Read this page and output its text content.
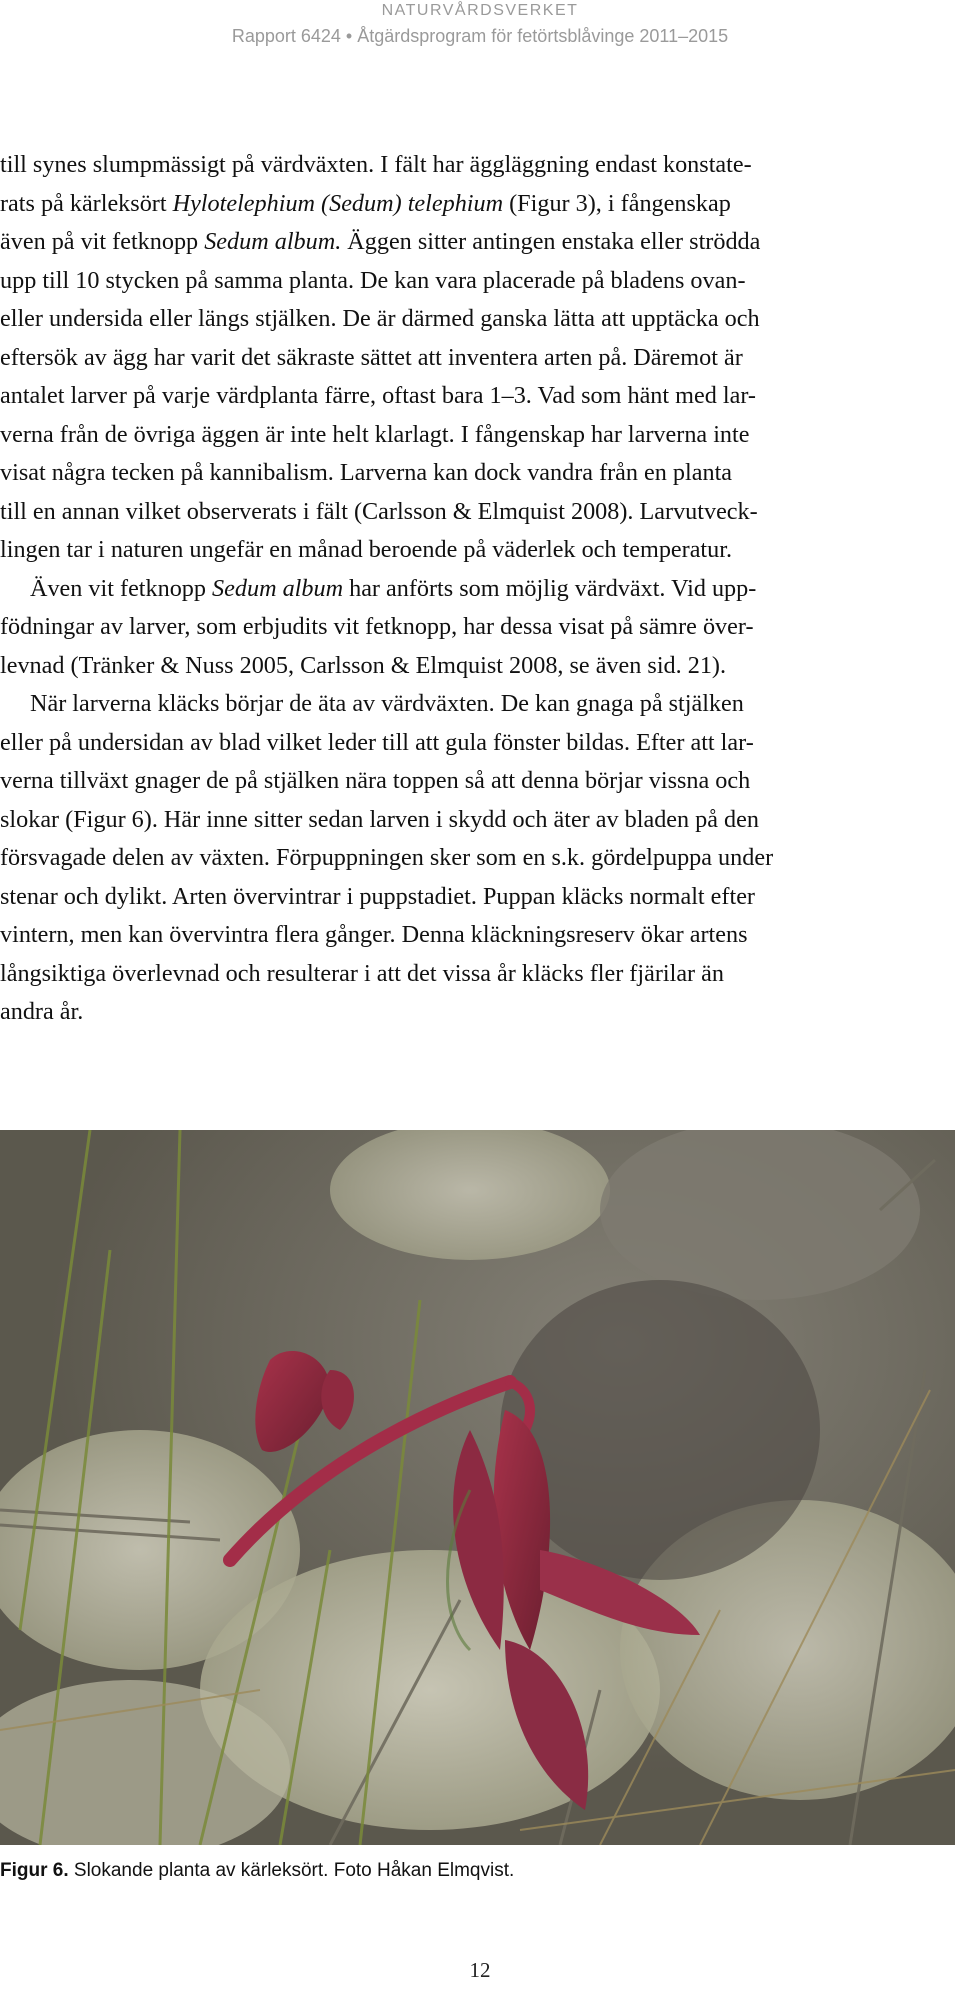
NATURVÅRDSVERKET
Rapport 6424 • Åtgärdsprogram för fetörtsblåvinge 2011–2015
till synes slumpmässigt på värdväxten. I fält har äggläggning endast konstate-
rats på kärleksört Hylotelephium (Sedum) telephium (Figur 3), i fångenskap
även på vit fetknopp Sedum album. Äggen sitter antingen enstaka eller strödda
upp till 10 stycken på samma planta. De kan vara placerade på bladens ovan-
eller undersida eller längs stjälken. De är därmed ganska lätta att upptäcka och
eftersök av ägg har varit det säkraste sättet att inventera arten på. Däremot är
antalet larver på varje värdplanta färre, oftast bara 1–3. Vad som hänt med lar-
verna från de övriga äggen är inte helt klarlagt. I fångenskap har larverna inte
visat några tecken på kannibalism. Larverna kan dock vandra från en planta
till en annan vilket observerats i fält (Carlsson & Elmquist 2008). Larvutveck-
lingen tar i naturen ungefär en månad beroende på väderlek och temperatur.
Även vit fetknopp Sedum album har anförts som möjlig värdväxt. Vid upp-
födningar av larver, som erbjudits vit fetknopp, har dessa visat på sämre över-
levnad (Tränker & Nuss 2005, Carlsson & Elmquist 2008, se även sid. 21).
När larverna kläcks börjar de äta av värdväxten. De kan gnaga på stjälken
eller på undersidan av blad vilket leder till att gula fönster bildas. Efter att lar-
verna tillväxt gnager de på stjälken nära toppen så att denna börjar vissna och
slokar (Figur 6). Här inne sitter sedan larven i skydd och äter av bladen på den
försvagade delen av växten. Förpuppningen sker som en s.k. gördelpuppa under
stenar och dylikt. Arten övervintrar i puppstadiet. Puppan kläcks normalt efter
vintern, men kan övervintra flera gånger. Denna kläckningsreserv ökar artens
långsiktiga överlevnad och resulterar i att det vissa år kläcks fler fjärilar än
andra år.
Figur 6. Slokande planta av kärleksört. Foto Håkan Elmqvist.
12
